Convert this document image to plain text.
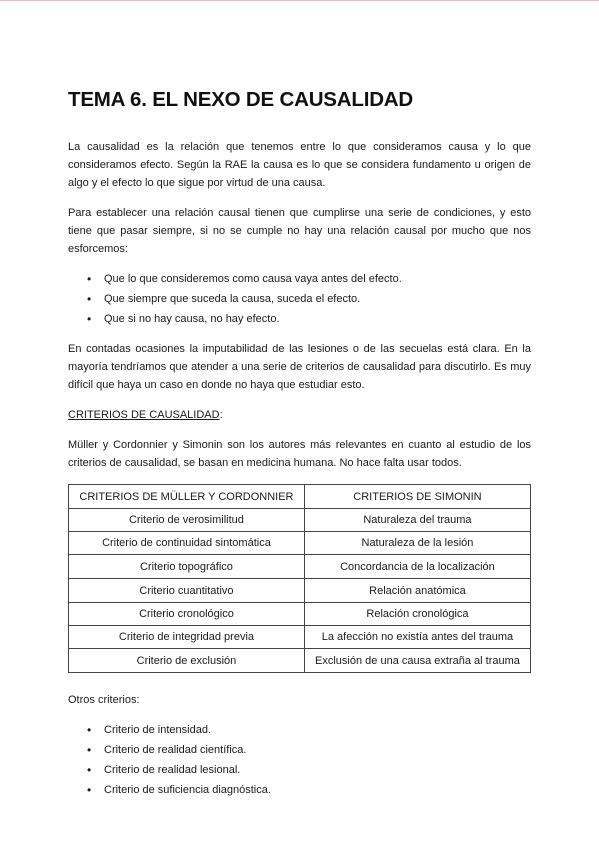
TEMA 6. EL NEXO DE CAUSALIDAD

La causalidad es la relación que tenemos entre lo que consideramos causa y lo que consideramos efecto. Según la RAE la causa es lo que se considera fundamento u origen de algo y el efecto lo que sigue por virtud de una causa.

Para establecer una relación causal tienen que cumplirse una serie de condiciones, y esto tiene que pasar siempre, si no se cumple no hay una relación causal por mucho que nos esforcemos:

• Que lo que consideremos como causa vaya antes del efecto.
• Que siempre que suceda la causa, suceda el efecto.
• Que si no hay causa, no hay efecto.

En contadas ocasiones la imputabilidad de las lesiones o de las secuelas está clara. En la mayoría tendríamos que atender a una serie de criterios de causalidad para discutirlo. Es muy difícil que haya un caso en donde no haya que estudiar esto.

CRITERIOS DE CAUSALIDAD:

Müller y Cordonnier y Simonin son los autores más relevantes en cuanto al estudio de los criterios de causalidad, se basan en medicina humana. No hace falta usar todos.

CRITERIOS DE MÜLLER Y CORDONNIER	CRITERIOS DE SIMONIN
Criterio de verosimilitud	Naturaleza del trauma
Criterio de continuidad sintomática	Naturaleza de la lesión
Criterio topográfico	Concordancia de la localización
Criterio cuantitativo	Relación anatómica
Criterio cronológico	Relación cronológica
Criterio de integridad previa	La afección no existía antes del trauma
Criterio de exclusión	Exclusión de una causa extraña al trauma

Otros criterios:

• Criterio de intensidad.
• Criterio de realidad científica.
• Criterio de realidad lesional.
• Criterio de suficiencia diagnóstica.
